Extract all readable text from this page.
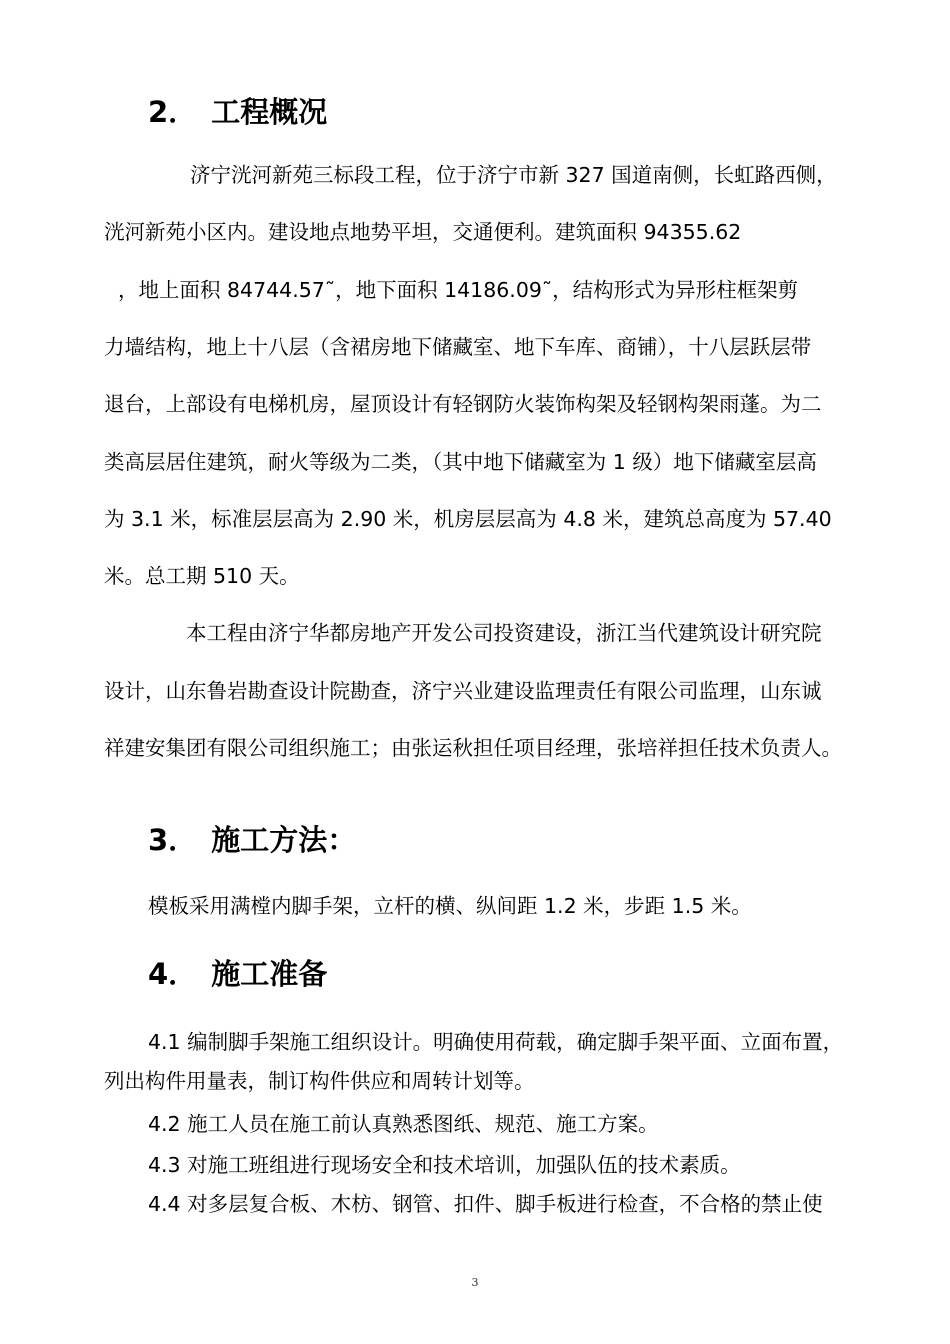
2． 工程概况

济宁洸河新苑三标段工程，位于济宁市新 327 国道南侧，长虹路西侧，

洸河新苑小区内。建设地点地势平坦，交通便利。建筑面积 94355.62

，地上面积 84744.57˜，地下面积 14186.09˜，结构形式为异形柱框架剪

力墙结构，地上十八层（含裙房地下储藏室、地下车库、商铺），十八层跃层带

退台，上部设有电梯机房，屋顶设计有轻钢防火装饰构架及轻钢构架雨蓬。为二

类高层居住建筑，耐火等级为二类，（其中地下储藏室为 1 级）地下储藏室层高

为 3.1 米，标准层层高为 2.90 米，机房层层高为 4.8 米，建筑总高度为 57.40

米。总工期 510 天。

本工程由济宁华都房地产开发公司投资建设，浙江当代建筑设计研究院

设计，山东鲁岩勘查设计院勘查，济宁兴业建设监理责任有限公司监理，山东诚

祥建安集团有限公司组织施工；由张运秋担任项目经理，张培祥担任技术负责人。

3． 施工方法：

模板采用满樘内脚手架，立杆的横、纵间距 1.2 米，步距 1.5 米。

4． 施工准备

4.1 编制脚手架施工组织设计。明确使用荷载，确定脚手架平面、立面布置，

列出构件用量表，制订构件供应和周转计划等。

4.2 施工人员在施工前认真熟悉图纸、规范、施工方案。

4.3 对施工班组进行现场安全和技术培训，加强队伍的技术素质。

4.4 对多层复合板、木枋、钢管、扣件、脚手板进行检查，不合格的禁止使

3
